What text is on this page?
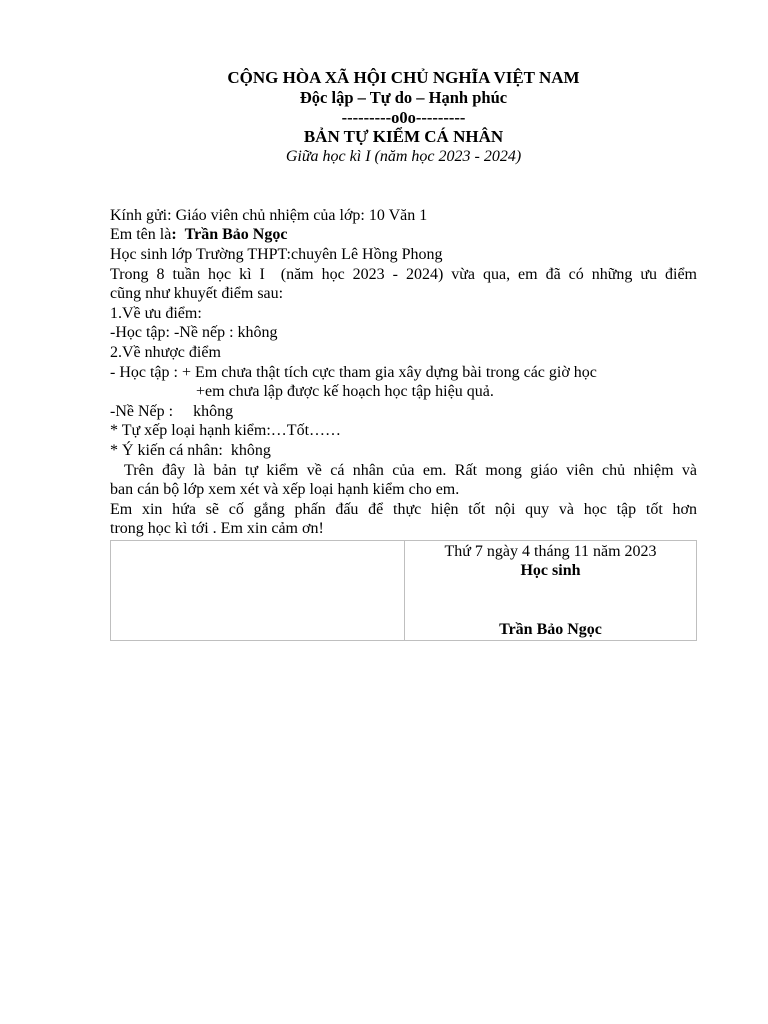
CỘNG HÒA XÃ HỘI CHỦ NGHĨA VIỆT NAM
Độc lập – Tự do – Hạnh phúc
---------o0o---------
BẢN TỰ KIỂM CÁ NHÂN
Giữa học kì I (năm học 2023 - 2024)
Kính gửi: Giáo viên chủ nhiệm của lớp: 10 Văn 1
Em tên là: Trần Bảo Ngọc
Học sinh lớp Trường THPT:chuyên Lê Hồng Phong
Trong 8 tuần học kì I  (năm học 2023 - 2024) vừa qua, em đã có những ưu điểm
cũng như khuyết điểm sau:
1.Về ưu điểm:
-Học tập: -Nề nếp : không
2.Về nhược điểm
- Học tập : + Em chưa thật tích cực tham gia xây dựng bài trong các giờ học
+em chưa lập được kế hoạch học tập hiệu quả.
-Nề Nếp :     không
* Tự xếp loại hạnh kiểm:…Tốt……
* Ý kiến cá nhân:  không
Trên đây là bản tự kiểm về cá nhân của em. Rất mong giáo viên chủ nhiệm và
ban cán bộ lớp xem xét và xếp loại hạnh kiểm cho em.
Em xin hứa sẽ cố gắng phấn đấu để thực hiện tốt nội quy và học tập tốt hơn
trong học kì tới . Em xin cảm ơn!

Thứ 7 ngày 4 tháng 11 năm 2023
Học sinh
Trần Bảo Ngọc
